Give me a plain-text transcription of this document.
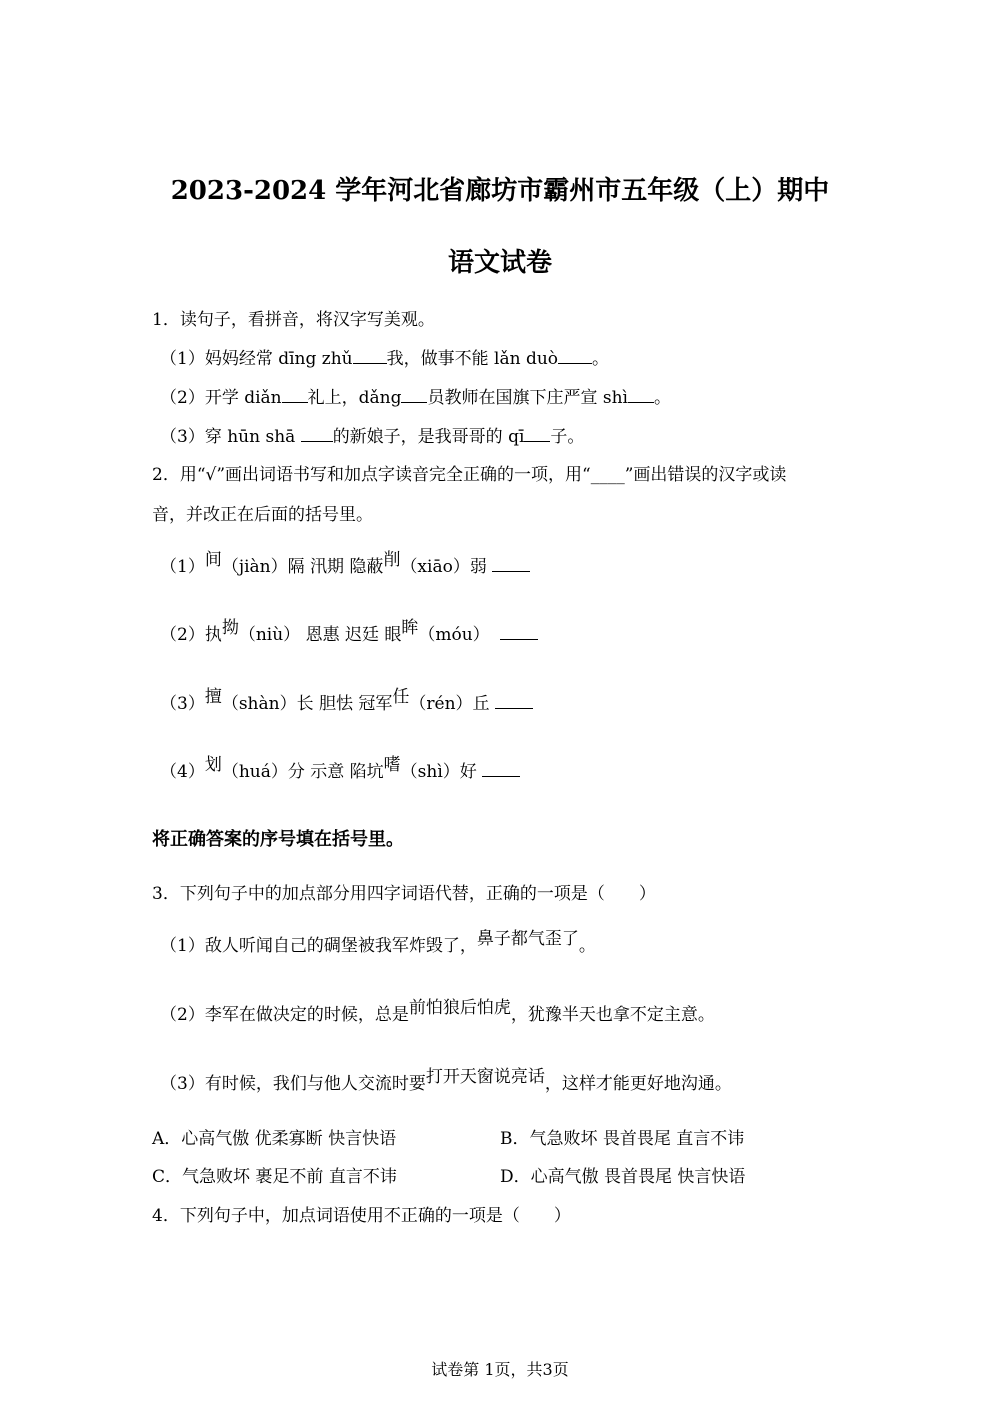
2023-2024 学年河北省廊坊市霸州市五年级（上）期中
语文试卷
1．读句子，看拼音，将汉字写美观。
（1）妈妈经常 dīng zhǔ 我，做事不能 lǎn duò 。
（2）开学 diǎn 礼上，dǎng 员教师在国旗下庄严宣 shì 。
（3）穿 hūn shā 的新娘子，是我哥哥的 qī 子。
2．用“√”画出词语书写和加点字读音完全正确的一项，用“____”画出错误的汉字或读
音，并改正在后面的括号里。
（1）间（jiàn）隔 汛期 隐蔽削（xiāo）弱
（2）执拗（niù） 恩惠 迟廷 眼眸（móu）
（3）擅（shàn）长 胆怯 冠军任（rén）丘
（4）划（huá）分 示意 陷坑嗜（shì）好
将正确答案的序号填在括号里。
3．下列句子中的加点部分用四字词语代替，正确的一项是（　　）
（1）敌人听闻自己的碉堡被我军炸毁了，鼻子都气歪了。
（2）李军在做决定的时候，总是前怕狼后怕虎，犹豫半天也拿不定主意。
（3）有时候，我们与他人交流时要打开天窗说亮话，这样才能更好地沟通。
A．心高气傲 优柔寡断 快言快语	B．气急败坏 畏首畏尾 直言不讳
C．气急败坏 裹足不前 直言不讳	D．心高气傲 畏首畏尾 快言快语
4．下列句子中，加点词语使用不正确的一项是（　　）
试卷第 1页，共3页
